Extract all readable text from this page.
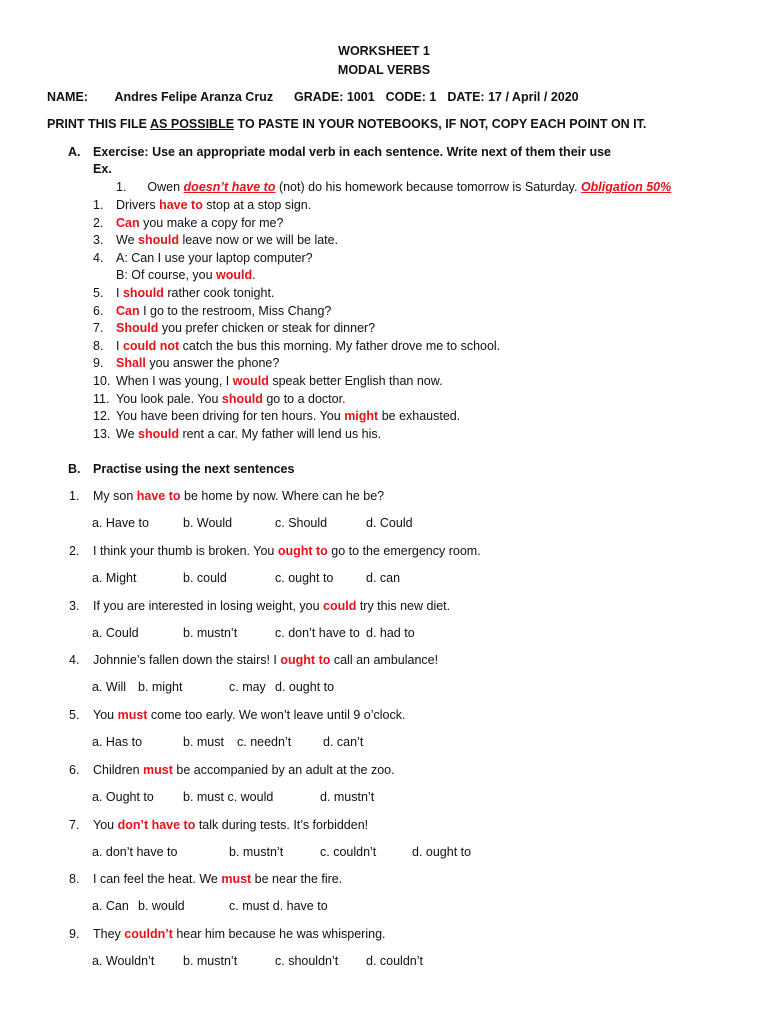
WORKSHEET 1
MODAL VERBS
NAME: Andres Felipe Aranza Cruz GRADE: 1001 CODE: 1 DATE: 17 / April / 2020
PRINT THIS FILE AS POSSIBLE TO PASTE IN YOUR NOTEBOOKS, IF NOT, COPY EACH POINT ON IT.
A. Exercise: Use an appropriate modal verb in each sentence. Write next of them their use
Ex.
1. Owen doesn’t have to (not) do his homework because tomorrow is Saturday. Obligation 50%
1.	Drivers have to stop at a stop sign.
2.	Can you make a copy for me?
3.	We should leave now or we will be late.
4.	A: Can I use your laptop computer?
B: Of course, you would.
5.	I should rather cook tonight.
6.	Can I go to the restroom, Miss Chang?
7.	Should you prefer chicken or steak for dinner?
8.	I could not catch the bus this morning. My father drove me to school.
9.	Shall you answer the phone?
10. When I was young, I would speak better English than now.
11. You look pale. You should go to a doctor.
12. You have been driving for ten hours. You might be exhausted.
13. We should rent a car. My father will lend us his.
B. Practise using the next sentences
1. My son have to be home by now. Where can he be?
a. Have to	b. Would	c. Should	d. Could
2. I think your thumb is broken. You ought to go to the emergency room.
a. Might	b. could	c. ought to	d. can
3. If you are interested in losing weight, you could try this new diet.
a. Could	b. mustn’t	c. don’t have to d. had to
4. Johnnie’s fallen down the stairs! I ought to call an ambulance!
a. Will b. might	c. may d. ought to
5. You must come too early. We won’t leave until 9 o’clock.
a. Has to	b. must c. needn’t	d. can’t
6. Children must be accompanied by an adult at the zoo.
a. Ought to b. must c. would	d. mustn’t
7. You don’t have to talk during tests. It’s forbidden!
a. don’t have to	b. mustn’t	c. couldn’t	d. ought to
8. I can feel the heat. We must be near the fire.
a. Can b. would	c. must d. have to
9. They couldn’t hear him because he was whispering.
a. Wouldn’t b. mustn’t	c. shouldn’t d. couldn’t
